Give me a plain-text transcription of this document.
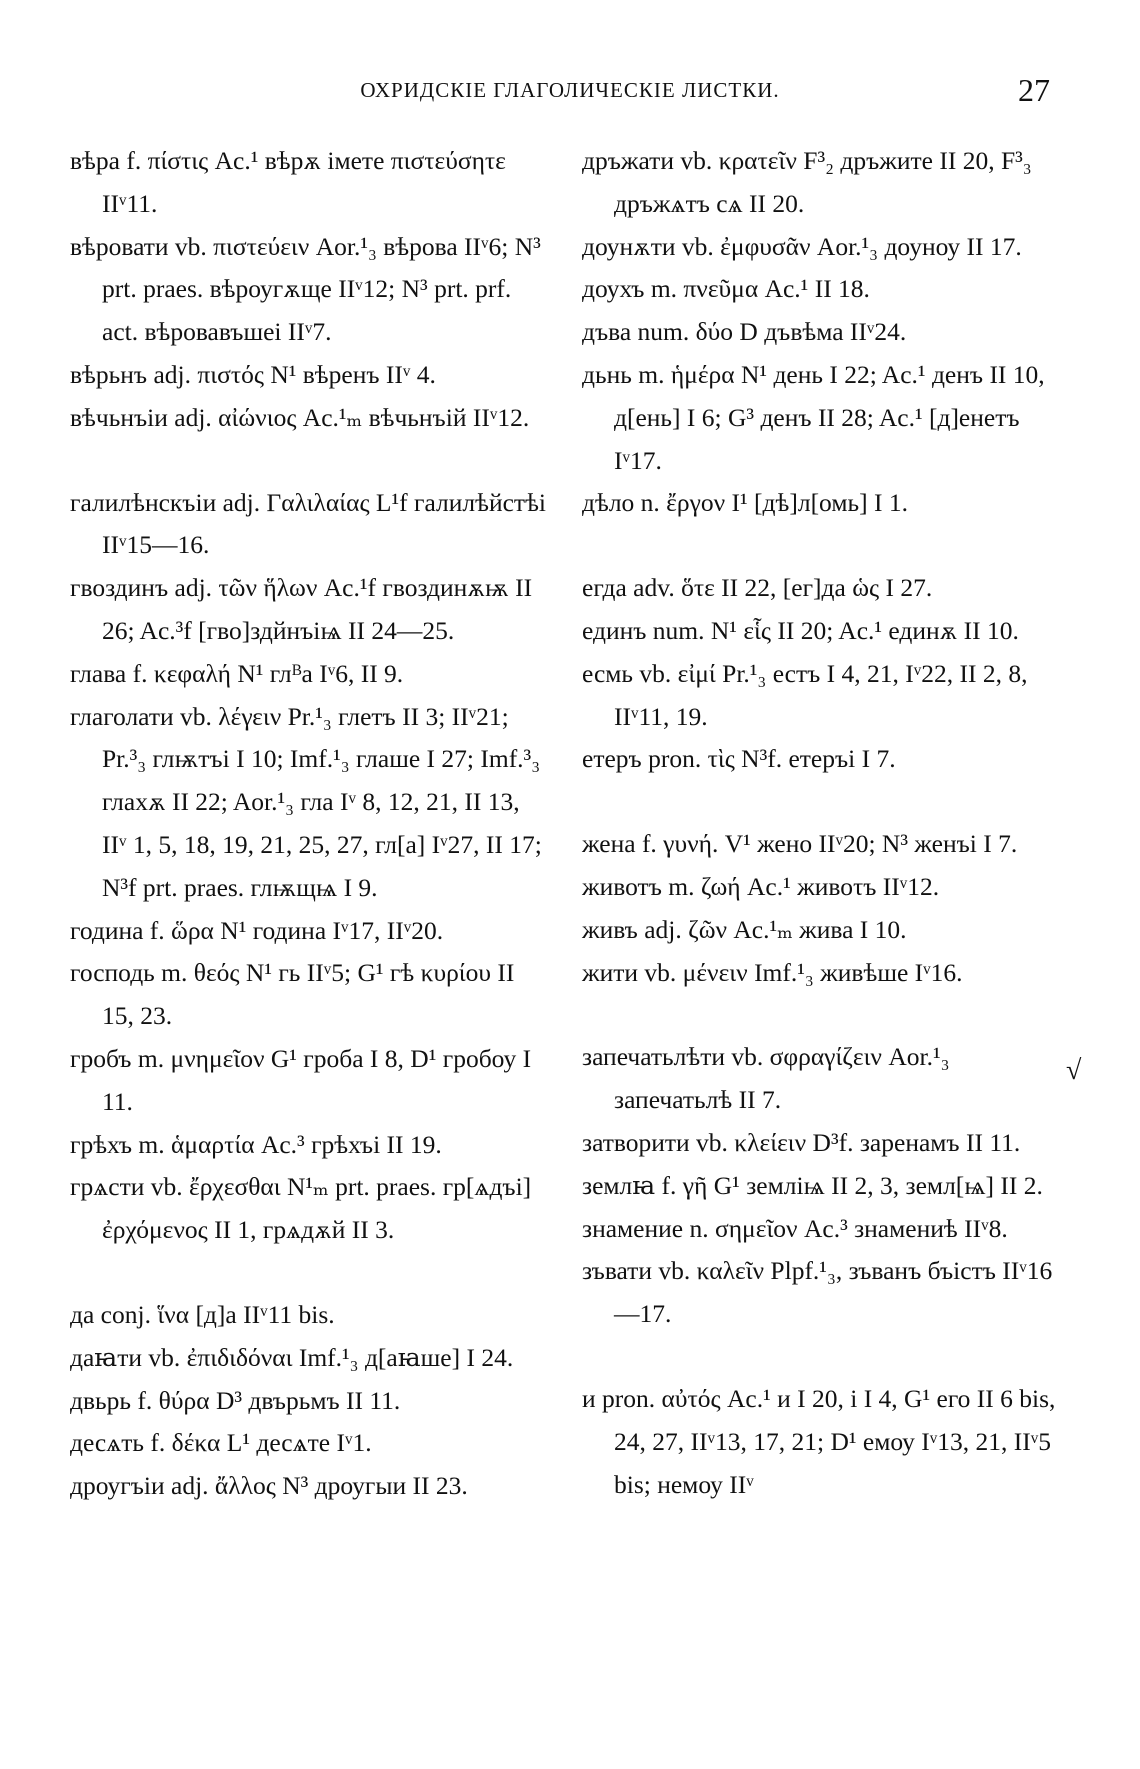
ОХРИДСКІЕ ГЛАГОЛИЧЕСКІЕ ЛИСТКИ.	27

вѣра f. πίστις Ac.¹ вѣрѫ імете πιστεύσητε IIᵛ11.

вѣровати vb. πιστεύειν Aor.¹₃ вѣрова IIᵛ6; N³ prt. praes. вѣроугѫще IIᵛ12; N³ prt. prf. act. вѣровавъшеі IIᵛ7.

вѣрьнъ adj. πιστός N¹ вѣренъ IIᵛ 4.

вѣчьнъіи adj. αἰώνιος Ac.¹ₘ вѣчьнъій IIᵛ12.

галилѣнскъіи adj. Γαλιλαίας L¹f галилѣйстѣі IIᵛ15—16.

гвоздинъ adj. τῶν ἥλων Ac.¹f гвоздинѫѭ II 26; Ac.³f [гво]здйнъіѩ II 24—25.

глава f. κεφαλή N¹ глᴮа Iᵛ6, II 9.

глаголати vb. λέγειν Pr.¹₃ глетъ II 3; IIᵛ21; Pr.³₃ глѭтъі I 10; Imf.¹₃ глаше I 27; Imf.³₃ глахѫ II 22; Aor.¹₃ гла Iᵛ 8, 12, 21, II 13, IIᵛ 1, 5, 18, 19, 21, 25, 27, гл[а] Iᵛ27, II 17; N³f prt. praes. глѭщѩ I 9.

година f. ὥρα N¹ година Iᵛ17, IIᵛ20.

господь m. θεός N¹ гь IIᵛ5; G¹ гѣ κυρίου II 15, 23.

гробъ m. μνημεῖον G¹ гроба I 8, D¹ гробоу I 11.

грѣхъ m. ἁμαρτία Ac.³ грѣхъі II 19.

грѧсти vb. ἔρχεσθαι N¹ₘ prt. praes. гр[ѧдъі] ἐρχόμενος II 1, грѧдѫй II 3.

да conj. ἵνα [д]а IIᵛ11 bis.

даꙗти vb. ἐπιδιδόναι Imf.¹₃ д[аꙗше] I 24.

двьрь f. θύρα D³ двърьмъ II 11.

десѧть f. δέκα L¹ десѧте Iᵛ1.

дроугъіи adj. ἄλλος N³ дроугыи II 23.

дръжати vb. κρατεῖν F³₂ дръжите II 20, F³₃ дръжѧтъ сѧ II 20.

доунѫти vb. ἐμφυσᾶν Aor.¹₃ доуноу II 17.

доухъ m. πνεῦμα Ac.¹ II 18.

дъва num. δύο D дъвѣма IIᵛ24.

дьнь m. ἡμέρα N¹ день I 22; Ac.¹ денъ II 10, д[ень] I 6; G³ денъ II 28; Ac.¹ [д]енетъ Iᵛ17.

дѣло n. ἔργον I¹ [дѣ]л[омь] I 1.

егда adv. ὅτε II 22, [ег]да ὡς I 27.

единъ num. N¹ εἷς II 20; Ac.¹ единѫ II 10.

есмь vb. εἰμί Pr.¹₃ естъ I 4, 21, Iᵛ22, II 2, 8, IIᵛ11, 19.

етеръ pron. τὶς N³f. етеръі I 7.

жена f. γυνή. V¹ жено IIᵛ20; N³ женъі I 7.

животъ m. ζωή Ac.¹ живоτъ IIᵛ12.

живъ adj. ζῶν Ac.¹ₘ жива I 10.

жити vb. μένειν Imf.¹₃ живѣше Iᵛ16.

запечатьлѣти vb. σφραγίζειν Aor.¹₃ запечатьлѣ II 7.

затворити vb. κλείειν D³f. заренамъ II 11.

землꙗ f. γῆ G¹ земліѩ II 2, 3, земл[ѩ] II 2.

знамение n. σημεῖον Ac.³ знамениѣ IIᵛ8.

зъвати vb. καλεῖν Plpf.¹₃, зъванъ бъістъ IIᵛ16—17.

и pron. αὐτός Ac.¹ и I 20, і I 4, G¹ его II 6 bis, 24, 27, IIᵛ13, 17, 21; D¹ емоу Iᵛ13, 21, IIᵛ5 bis; немоу IIᵛ

√
